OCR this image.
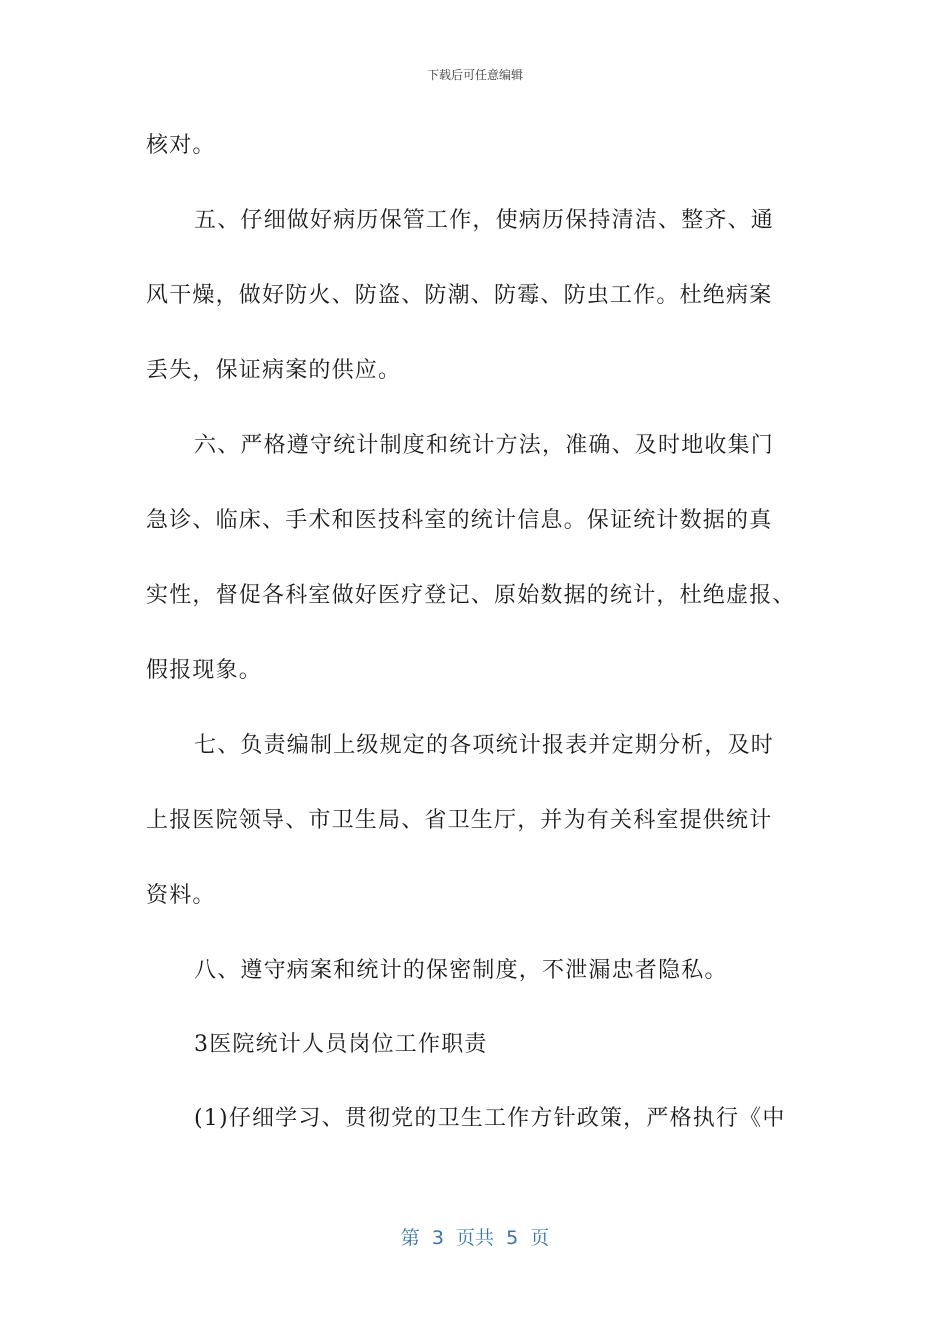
下载后可任意编辑
核对。
五、仔细做好病历保管工作，使病历保持清洁、整齐、通
风干燥，做好防火、防盗、防潮、防霉、防虫工作。杜绝病案
丢失，保证病案的供应。
六、严格遵守统计制度和统计方法，准确、及时地收集门
急诊、临床、手术和医技科室的统计信息。保证统计数据的真
实性，督促各科室做好医疗登记、原始数据的统计，杜绝虚报、
假报现象。
七、负责编制上级规定的各项统计报表并定期分析，及时
上报医院领导、市卫生局、省卫生厅，并为有关科室提供统计
资料。
八、遵守病案和统计的保密制度，不泄漏忠者隐私。
3医院统计人员岗位工作职责
(1)仔细学习、贯彻党的卫生工作方针政策，严格执行《中
第  3  页共  5  页
